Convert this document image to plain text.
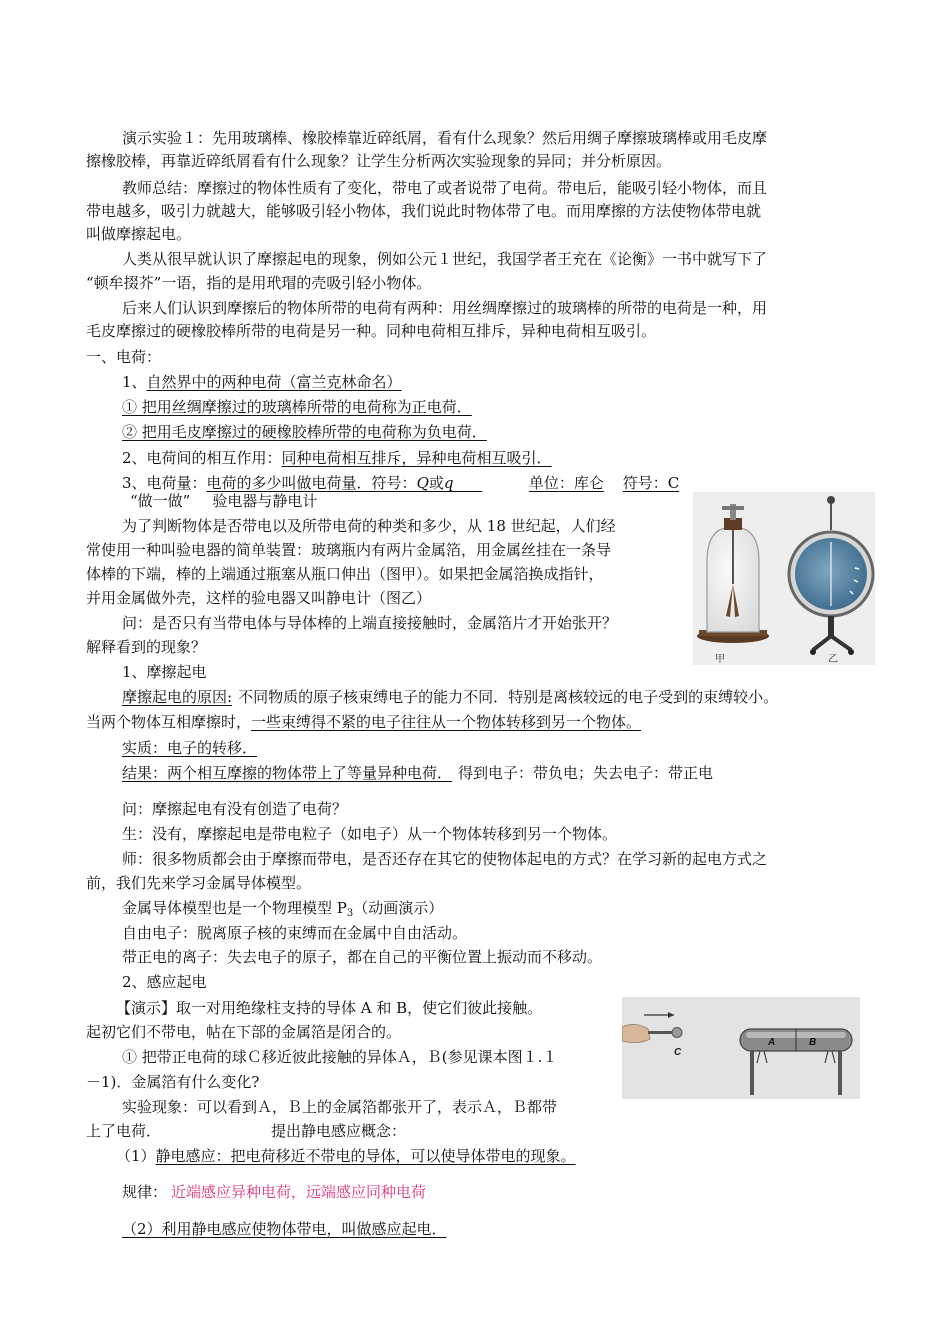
演示实验１：先用玻璃棒、橡胶棒靠近碎纸屑，看有什么现象？然后用绸子摩擦玻璃棒或用毛皮摩
擦橡胶棒，再靠近碎纸屑看有什么现象？让学生分析两次实验现象的异同；并分析原因。
教师总结：摩擦过的物体性质有了变化，带电了或者说带了电荷。带电后，能吸引轻小物体，而且
带电越多，吸引力就越大，能够吸引轻小物体，我们说此时物体带了电。而用摩擦的方法使物体带电就
叫做摩擦起电。
人类从很早就认识了摩擦起电的现象，例如公元１世纪，我国学者王充在《论衡》一书中就写下了
“顿牟掇芥”一语，指的是用玳瑁的壳吸引轻小物体。
后来人们认识到摩擦后的物体所带的电荷有两种：用丝绸摩擦过的玻璃棒的所带的电荷是一种，用
毛皮摩擦过的硬橡胶棒所带的电荷是另一种。同种电荷相互排斥，异种电荷相互吸引。
一、电荷：
1、自然界中的两种电荷（富兰克林命名）
① 把用丝绸摩擦过的玻璃棒所带的电荷称为正电荷．
② 把用毛皮摩擦过的硬橡胶棒所带的电荷称为负电荷．
2、电荷间的相互作用：同种电荷相互排斥，异种电荷相互吸引．
3、电荷量：电荷的多少叫做电荷量．符号：Q或q	单位：库仑 符号：C
“做一做” 验电器与静电计
为了判断物体是否带电以及所带电荷的种类和多少，从 18 世纪起，人们经
常使用一种叫验电器的简单装置：玻璃瓶内有两片金属箔，用金属丝挂在一条导
体棒的下端，棒的上端通过瓶塞从瓶口伸出（图甲）。如果把金属箔换成指针，
并用金属做外壳，这样的验电器又叫静电计（图乙）
问：是否只有当带电体与导体棒的上端直接接触时，金属箔片才开始张开？
解释看到的现象？
甲	乙
1、摩擦起电
摩擦起电的原因: 不同物质的原子核束缚电子的能力不同．特别是离核较远的电子受到的束缚较小。
当两个物体互相摩擦时，一些束缚得不紧的电子往往从一个物体转移到另一个物体。
实质：电子的转移．
结果：两个相互摩擦的物体带上了等量异种电荷． 得到电子：带负电；失去电子：带正电
问：摩擦起电有没有创造了电荷？
生：没有，摩擦起电是带电粒子（如电子）从一个物体转移到另一个物体。
师：很多物质都会由于摩擦而带电，是否还存在其它的使物体起电的方式？在学习新的起电方式之
前，我们先来学习金属导体模型。
金属导体模型也是一个物理模型 $P_3$（动画演示）
自由电子：脱离原子核的束缚而在金属中自由活动。
带正电的离子：失去电子的原子，都在自己的平衡位置上振动而不移动。
2、感应起电
【演示】取一对用绝缘柱支持的导体 A 和 B，使它们彼此接触。
起初它们不带电，帖在下部的金属箔是闭合的。
① 把带正电荷的球Ｃ移近彼此接触的异体Ａ，Ｂ(参见课本图１.１
－1)．金属箔有什么变化?
实验现象：可以看到Ａ，Ｂ上的金属箔都张开了，表示Ａ，Ｂ都带
上了电荷．	提出静电感应概念：
（1）静电感应：把电荷移近不带电的导体，可以使导体带电的现象。
规律： 近端感应异种电荷，远端感应同种电荷
（2）利用静电感应使物体带电，叫做感应起电．
C
A	B
